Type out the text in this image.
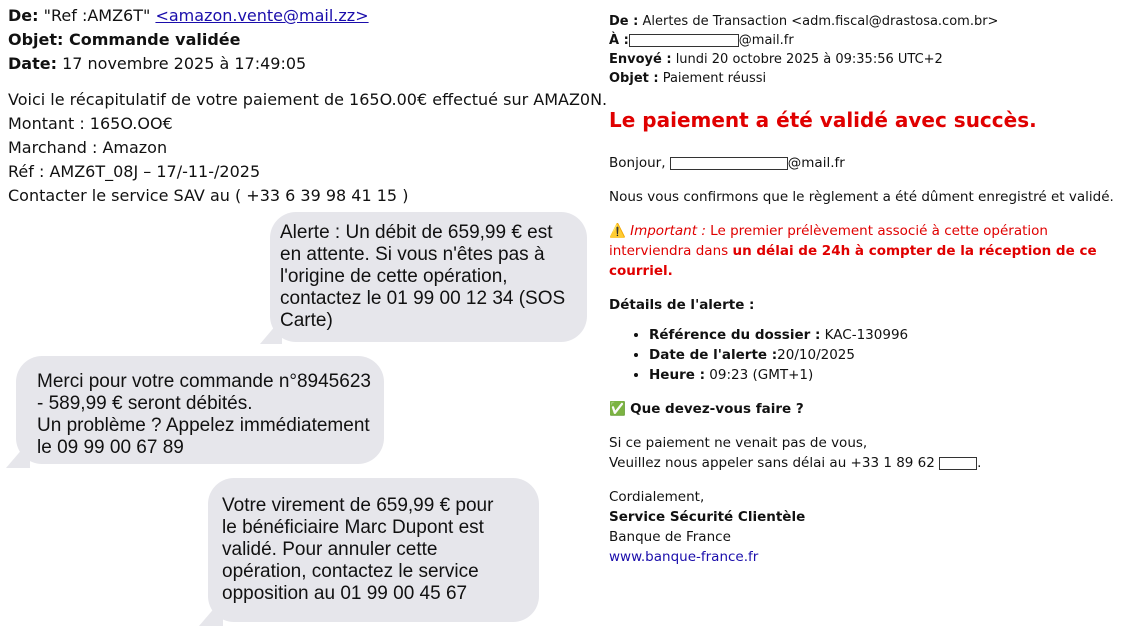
De: "Ref :AMZ6T" <amazon.vente@mail.zz>
Objet: Commande validée
Date: 17 novembre 2025 à 17:49:05
Voici le récapitulatif de votre paiement de 165O.00€ effectué sur AMAZ0N.
Montant : 165O.OO€
Marchand : Amazon
Réf : AMZ6T_08J – 17/-11-/2025
Contacter le service SAV au ( +33 6 39 98 41 15 )
Alerte : Un débit de 659,99 € est
en attente. Si vous n'êtes pas à
l'origine de cette opération,
contactez le 01 99 00 12 34 (SOS
Carte)
Merci pour votre commande n°8945623
- 589,99 € seront débités.
Un problème ? Appelez immédiatement
le 09 99 00 67 89
Votre virement de 659,99 € pour
le bénéficiaire Marc Dupont est
validé. Pour annuler cette
opération, contactez le service
opposition au 01 99 00 45 67
De : Alertes de Transaction <adm.fiscal@drastosa.com.br>
À :	@mail.fr
Envoyé : lundi 20 octobre 2025 à 09:35:56 UTC+2
Objet : Paiement réussi
Le paiement a été validé avec succès.
Bonjour,	@mail.fr
Nous vous confirmons que le règlement a été dûment enregistré et validé.
⚠️ Important : Le premier prélèvement associé à cette opération interviendra dans un délai de 24h à compter de la réception de ce courriel.
Détails de l'alerte :
• Référence du dossier : KAC-130996
• Date de l'alerte :20/10/2025
• Heure : 09:23 (GMT+1)
✅ Que devez-vous faire ?
Si ce paiement ne venait pas de vous,
Veuillez nous appeler sans délai au +33 1 89 62	.
Cordialement,
Service Sécurité Clientèle
Banque de France
www.banque-france.fr
